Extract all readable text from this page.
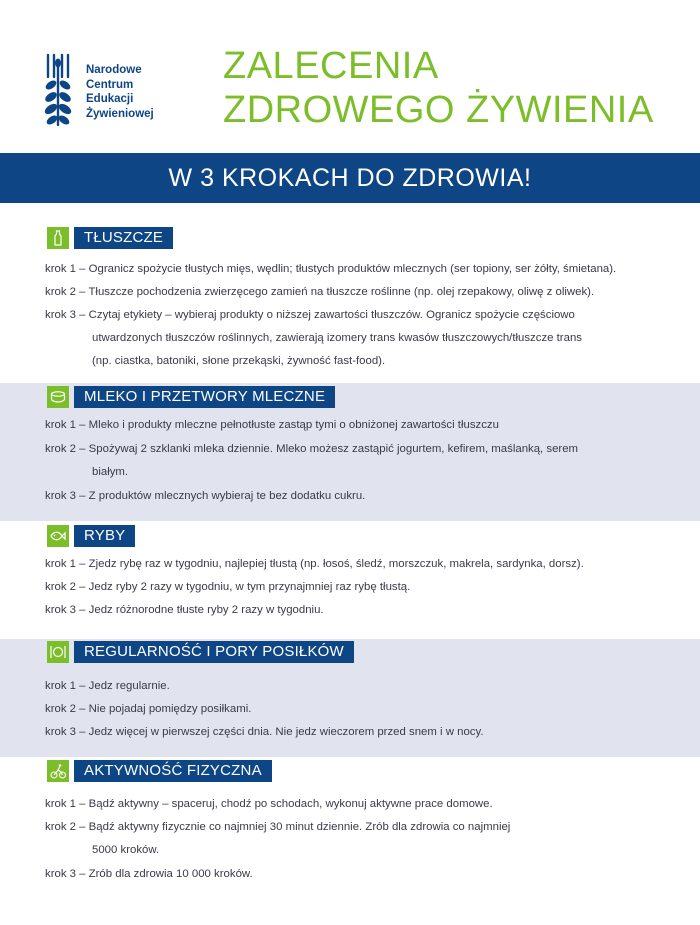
Narodowe
Centrum
Edukacji
Żywieniowej
ZALECENIA
ZDROWEGO ŻYWIENIA
W 3 KROKACH DO ZDROWIA!
TŁUSZCZE
krok 1 – Ogranicz spożycie tłustych mięs, wędlin; tłustych produktów mlecznych (ser topiony, ser żółty, śmietana).
krok 2 – Tłuszcze pochodzenia zwierzęcego zamień na tłuszcze roślinne (np. olej rzepakowy, oliwę z oliwek).
krok 3 – Czytaj etykiety – wybieraj produkty o niższej zawartości tłuszczów. Ogranicz spożycie częściowo
utwardzonych tłuszczów roślinnych, zawierają izomery trans kwasów tłuszczowych/tłuszcze trans
(np. ciastka, batoniki, słone przekąski, żywność fast-food).
MLEKO I PRZETWORY MLECZNE
krok 1 – Mleko i produkty mleczne pełnotłuste zastąp tymi o obniżonej zawartości tłuszczu
krok 2 – Spożywaj 2 szklanki mleka dziennie. Mleko możesz zastąpić jogurtem, kefirem, maślanką, serem
białym.
krok 3 – Z produktów mlecznych wybieraj te bez dodatku cukru.
RYBY
krok 1 – Zjedz rybę raz w tygodniu, najlepiej tłustą (np. łosoś, śledź, morszczuk, makrela, sardynka, dorsz).
krok 2 – Jedz ryby 2 razy w tygodniu, w tym przynajmniej raz rybę tłustą.
krok 3 – Jedz różnorodne tłuste ryby 2 razy w tygodniu.
REGULARNOŚĆ I PORY POSIŁKÓW
krok 1 – Jedz regularnie.
krok 2 – Nie pojadaj pomiędzy posiłkami.
krok 3 – Jedz więcej w pierwszej części dnia. Nie jedz wieczorem przed snem i w nocy.
AKTYWNOŚĆ FIZYCZNA
krok 1 – Bądź aktywny – spaceruj, chodź po schodach, wykonuj aktywne prace domowe.
krok 2 – Bądź aktywny fizycznie co najmniej 30 minut dziennie. Zrób dla zdrowia co najmniej
5000 kroków.
krok 3 – Zrób dla zdrowia 10 000 kroków.
